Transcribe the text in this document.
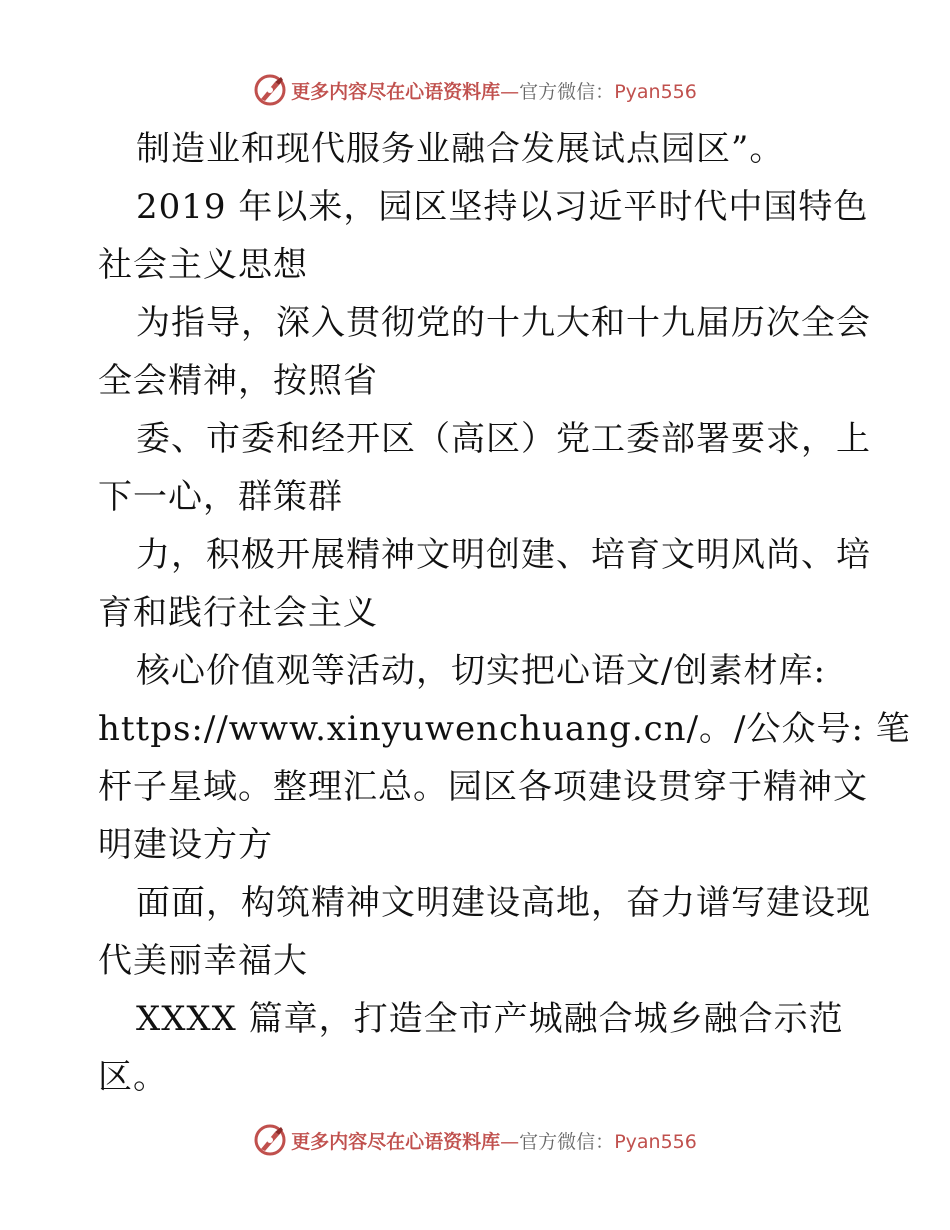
更多内容尽在心语资料库—官方微信：Pyan556
制造业和现代服务业融合发展试点园区”。
2019 年以来，园区坚持以习近平时代中国特色
社会主义思想
为指导，深入贯彻党的十九大和十九届历次全会
全会精神，按照省
委、市委和经开区（高区）党工委部署要求，上
下一心，群策群
力，积极开展精神文明创建、培育文明风尚、培
育和践行社会主义
核心价值观等活动，切实把心语文/创素材库:
https://www.xinyuwenchuang.cn/。/公众号: 笔
杆子星域。整理汇总。园区各项建设贯穿于精神文
明建设方方
面面，构筑精神文明建设高地，奋力谱写建设现
代美丽幸福大
XXXX 篇章，打造全市产城融合城乡融合示范
区。
更多内容尽在心语资料库—官方微信：Pyan556
